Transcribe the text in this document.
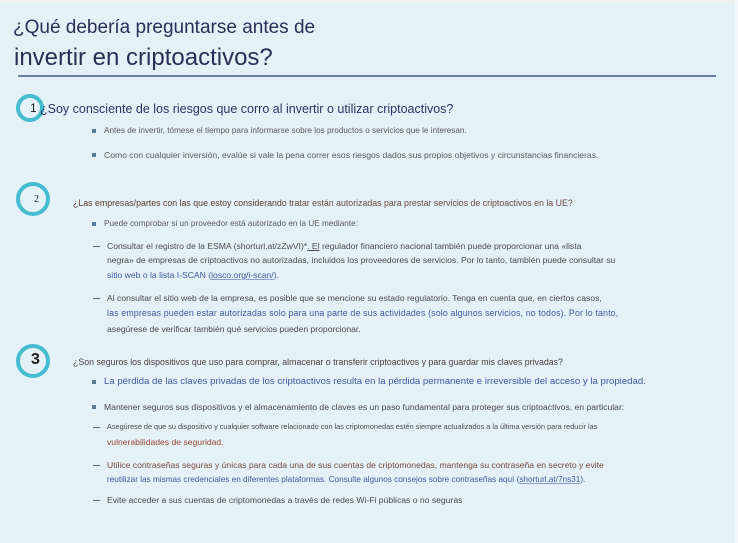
¿Qué debería preguntarse antes de
invertir en criptoactivos?
1 ¿Soy consciente de los riesgos que corro al invertir o utilizar criptoactivos?
Antes de invertir, tómese el tiempo para informarse sobre los productos o servicios que le interesan.
Como con cualquier inversión, evalúe si vale la pena correr esos riesgos dados sus propios objetivos y circunstancias financieras.
2	¿Las empresas/partes con las que estoy considerando tratar están autorizadas para prestar servicios de criptoactivos en la UE?
Puede comprobar si un proveedor está autorizado en la UE mediante:
Consultar el registro de la ESMA (shorturl.at/zZwVI)*. El regulador financiero nacional también puede proporcionar una «lista
negra» de empresas de criptoactivos no autorizadas, incluidos los proveedores de servicios. Por lo tanto, también puede consultar su
sitio web o la lista I-SCAN (iosco.org/i-scan/).
Al consultar el sitio web de la empresa, es posible que se mencione su estado regulatorio. Tenga en cuenta que, en ciertos casos,
las empresas pueden estar autorizadas solo para una parte de sus actividades (solo algunos servicios, no todos). Por lo tanto,
asegúrese de verificar también qué servicios pueden proporcionar.
3	¿Son seguros los dispositivos que uso para comprar, almacenar o transferir criptoactivos y para guardar mis claves privadas?
La pérdida de las claves privadas de los criptoactivos resulta en la pérdida permanente e irreversible del acceso y la propiedad.
Mantener seguros sus dispositivos y el almacenamiento de claves es un paso fundamental para proteger sus criptoactivos, en particular:
Asegúrese de que su dispositivo y cualquier software relacionado con las criptomonedas estén siempre actualizados a la última versión para reducir las
vulnerabilidades de seguridad.
Utilice contraseñas seguras y únicas para cada una de sus cuentas de criptomonedas, mantenga su contraseña en secreto y evite
reutilizar las mismas credenciales en diferentes plataformas. Consulte algunos consejos sobre contraseñas aquí (shorturl.at/7ns31).
Evite acceder a sus cuentas de criptomonedas a través de redes Wi-Fi públicas o no seguras
